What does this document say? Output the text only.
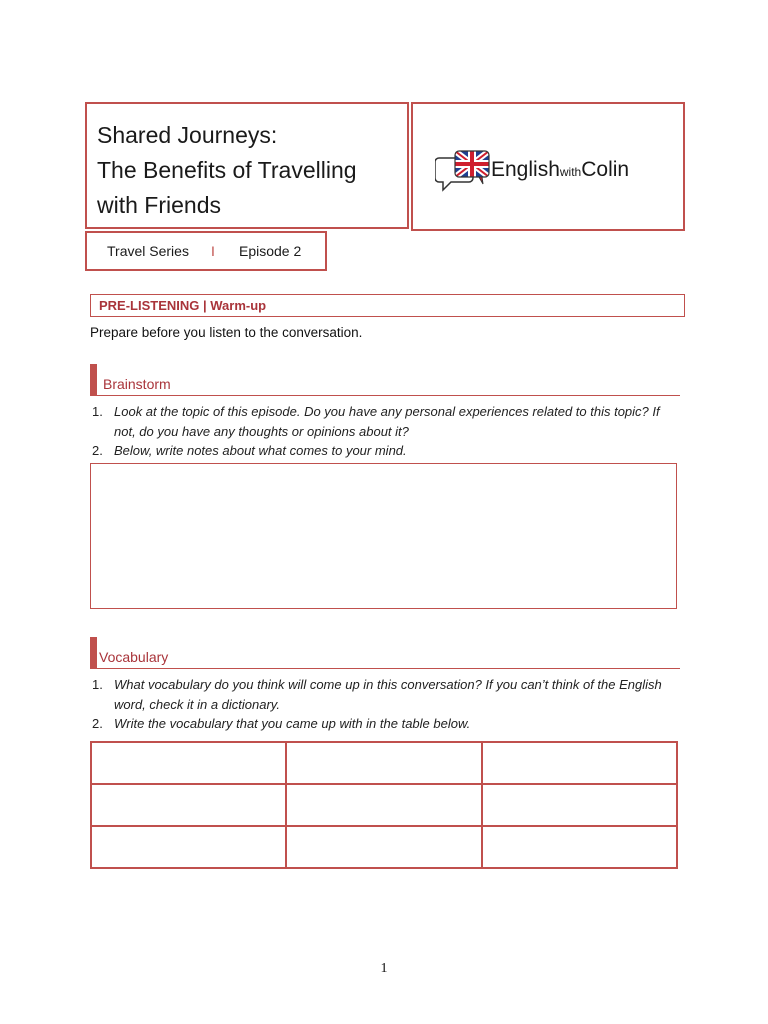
Shared Journeys:
The Benefits of Travelling
with Friends
EnglishwithColin
Travel Series I Episode 2
PRE-LISTENING | Warm-up
Prepare before you listen to the conversation.
Brainstorm
1. Look at the topic of this episode. Do you have any personal experiences related to this topic? If not, do you have any thoughts or opinions about it?
2. Below, write notes about what comes to your mind.
Vocabulary
1. What vocabulary do you think will come up in this conversation? If you can’t think of the English word, check it in a dictionary.
2. Write the vocabulary that you came up with in the table below.

1
